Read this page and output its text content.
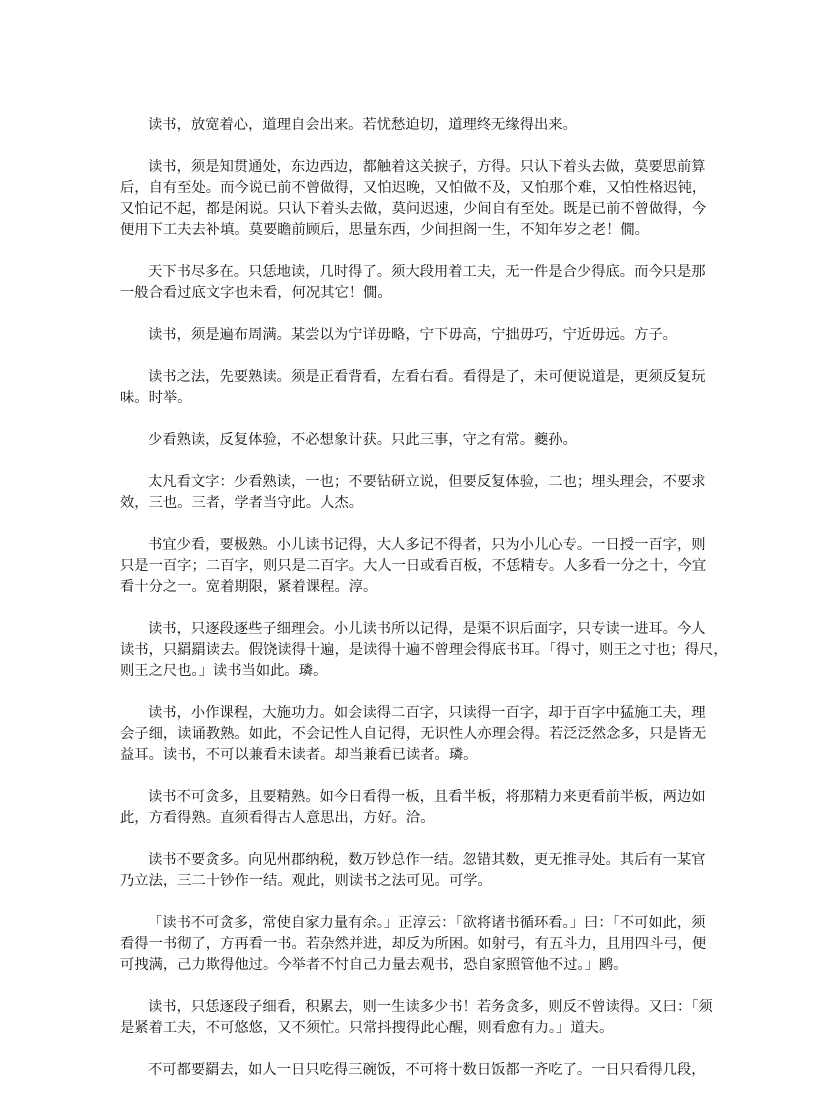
读书，放宽着心，道理自会出来。若忧愁迫切，道理终无缘得出来。
读书，须是知贯通处，东边西边，都触着这关捩子，方得。只认下着头去做，莫要思前算
后，自有至处。而今说已前不曾做得，又怕迟晚，又怕做不及，又怕那个难，又怕性格迟钝，
又怕记不起，都是闲说。只认下着头去做，莫问迟速，少间自有至处。既是已前不曾做得，今
便用下工夫去补填。莫要瞻前顾后，思量东西，少间担阁一生，不知年岁之老！僩。
天下书尽多在。只恁地读，几时得了。须大段用着工夫，无一件是合少得底。而今只是那
一般合看过底文字也未看，何况其它！僩。
读书，须是遍布周满。某尝以为宁详毋略，宁下毋高，宁拙毋巧，宁近毋远。方子。
读书之法，先要熟读。须是正看背看，左看右看。看得是了，未可便说道是，更须反复玩
味。时举。
少看熟读，反复体验，不必想象计获。只此三事，守之有常。夔孙。
太凡看文字：少看熟读，一也；不要钻研立说，但要反复体验，二也；埋头理会，不要求
效，三也。三者，学者当守此。人杰。
书宜少看，要极熟。小儿读书记得，大人多记不得者，只为小儿心专。一日授一百字，则
只是一百字；二百字，则只是二百字。大人一日或看百板，不恁精专。人多看一分之十，今宜
看十分之一。宽着期限，紧着课程。淳。
读书，只逐段逐些子细理会。小儿读书所以记得，是渠不识后面字，只专读一进耳。今人
读书，只羂羂读去。假饶读得十遍，是读得十遍不曾理会得底书耳。「得寸，则王之寸也；得尺，
则王之尺也。」读书当如此。璘。
读书，小作课程，大施功力。如会读得二百字，只读得一百字，却于百字中猛施工夫，理
会子细，读诵教熟。如此，不会记性人自记得，无识性人亦理会得。若泛泛然念多，只是皆无
益耳。读书，不可以兼看未读者。却当兼看已读者。璘。
读书不可贪多，且要精熟。如今日看得一板，且看半板，将那精力来更看前半板，两边如
此，方看得熟。直须看得古人意思出，方好。洽。
读书不要贪多。向见州郡纳税，数万钞总作一结。忽错其数，更无推寻处。其后有一某官
乃立法，三二十钞作一结。观此，则读书之法可见。可学。
「读书不可贪多，常使自家力量有余。」正淳云：「欲将诸书循环看。」曰：「不可如此，须
看得一书彻了，方再看一书。若杂然并进，却反为所困。如射弓，有五斗力，且用四斗弓，便
可拽满，己力欺得他过。今举者不忖自己力量去观书，恐自家照管他不过。」𬸘。
读书，只恁逐段子细看，积累去，则一生读多少书！若务贪多，则反不曾读得。又曰：「须
是紧着工夫，不可悠悠，又不须忙。只常抖搜得此心醒，则看愈有力。」道夫。
不可都要羂去，如人一日只吃得三碗饭，不可将十数日饭都一齐吃了。一日只看得几段，
